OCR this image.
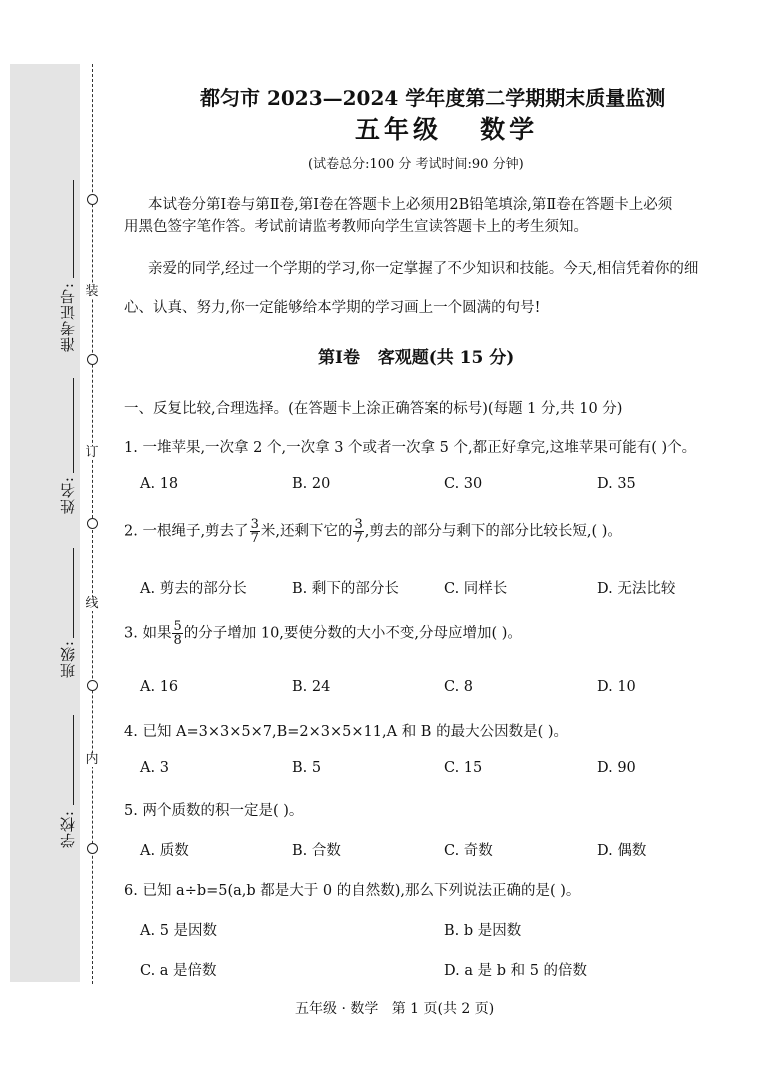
学校:
班级:
姓名:
准考证号: 装
订
线
内
都匀市 2023—2024 学年度第二学期期末质量监测
五年级   数学
(试卷总分:100 分 考试时间:90 分钟)
本试卷分第Ⅰ卷与第Ⅱ卷,第Ⅰ卷在答题卡上必须用2B铅笔填涂,第Ⅱ卷在答题卡上必须
用黑色签字笔作答。考试前请监考教师向学生宣读答题卡上的考生须知。
亲爱的同学,经过一个学期的学习,你一定掌握了不少知识和技能。今天,相信凭着你的细
心、认真、努力,你一定能够给本学期的学习画上一个圆满的句号!
第Ⅰ卷   客观题(共 15 分)
一、反复比较,合理选择。(在答题卡上涂正确答案的标号)(每题 1 分,共 10 分)
1. 一堆苹果,一次拿 2 个,一次拿 3 个或者一次拿 5 个,都正好拿完,这堆苹果可能有( )个。
A. 18	B. 20	C. 30	D. 35
2. 一根绳子,剪去了 $\frac{3}{7}$ 米,还剩下它的 $\frac{3}{7}$ ,剪去的部分与剩下的部分比较长短,( )。
A. 剪去的部分长	B. 剩下的部分长	C. 同样长	D. 无法比较
3. 如果 $\frac{5}{8}$ 的分子增加 10,要使分数的大小不变,分母应增加( )。
A. 16	B. 24	C. 8	D. 10
4. 已知 A=3×3×5×7,B=2×3×5×11,A 和 B 的最大公因数是( )。
A. 3	B. 5	C. 15	D. 90
5. 两个质数的积一定是( )。
A. 质数	B. 合数	C. 奇数	D. 偶数
6. 已知 a÷b=5(a,b 都是大于 0 的自然数),那么下列说法正确的是( )。
A. 5 是因数	B. b 是因数
C. a 是倍数	D. a 是 b 和 5 的倍数
五年级 · 数学   第 1 页(共 2 页)
